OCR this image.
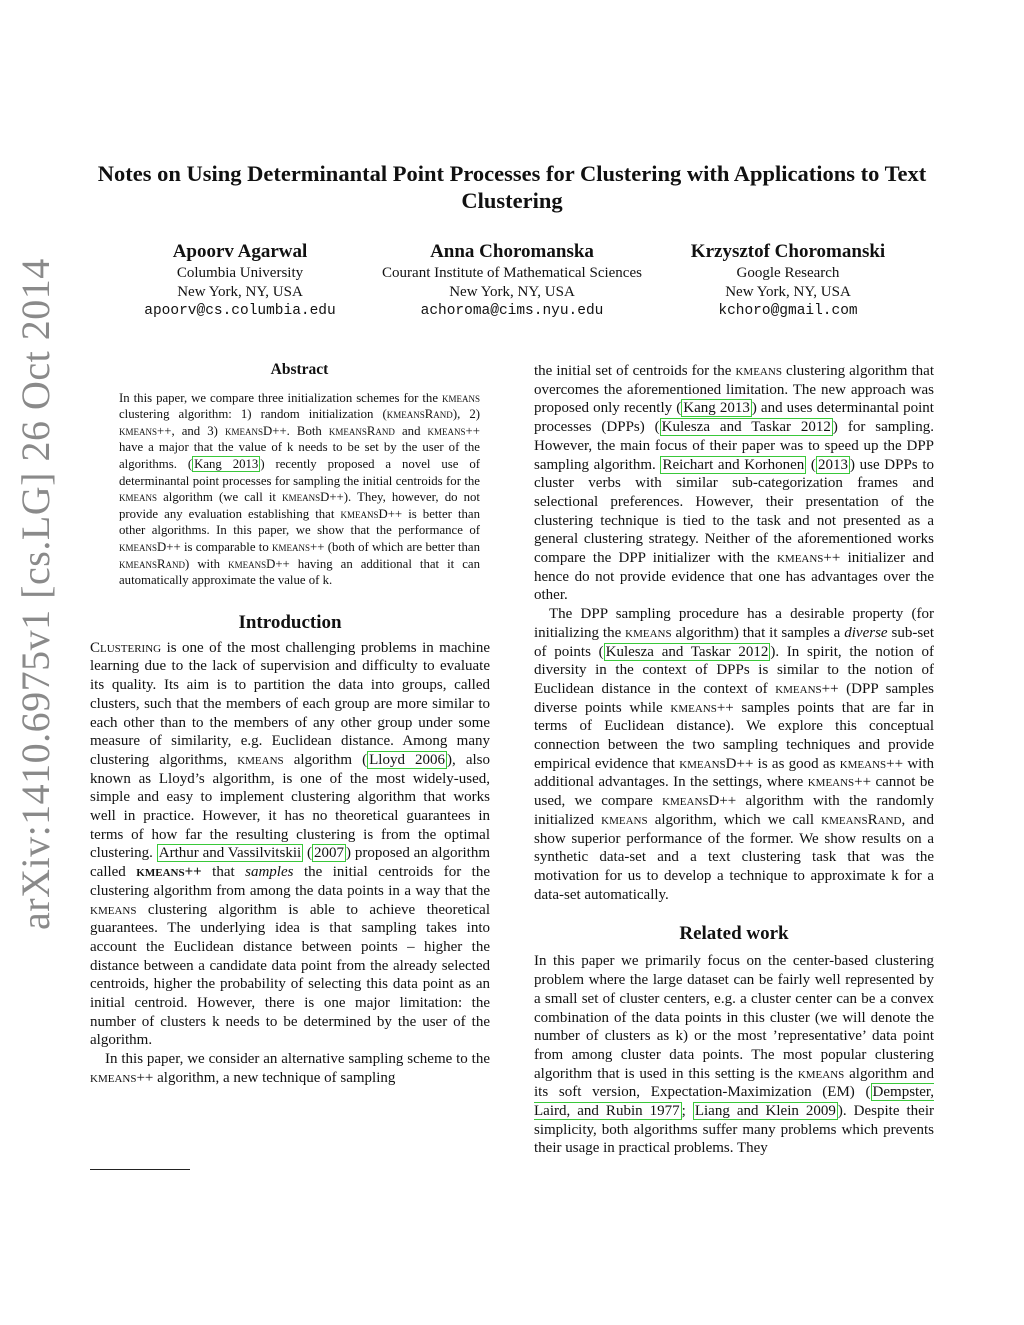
arXiv:1410.6975v1 [cs.LG] 26 Oct 2014
Notes on Using Determinantal Point Processes for Clustering with Applications to Text Clustering
Apoorv Agarwal
Columbia University
New York, NY, USA
apoorv@cs.columbia.edu
Anna Choromanska
Courant Institute of Mathematical Sciences
New York, NY, USA
achoroma@cims.nyu.edu
Krzysztof Choromanski
Google Research
New York, NY, USA
kchoro@gmail.com
Abstract

In this paper, we compare three initialization schemes for the kmeans clustering algorithm: 1) random initialization (kmeansRand), 2) kmeans++, and 3) kmeansD++. Both kmeansRand and kmeans++ have a major that the value of k needs to be set by the user of the algorithms. ( Kang 2013 ) recently proposed a novel use of determinantal point processes for sampling the initial centroids for the kmeans algorithm (we call it kmeansD++). They, however, do not provide any evaluation establishing that kmeansD++ is better than other algorithms. In this paper, we show that the performance of kmeansD++ is comparable to kmeans++ (both of which are better than kmeansRand) with kmeansD++ having an additional that it can automatically approximate the value of k.

Introduction

Clustering is one of the most challenging problems in machine learning due to the lack of supervision and difficulty to evaluate its quality. Its aim is to partition the data into groups, called clusters, such that the members of each group are more similar to each other than to the members of any other group under some measure of similarity, e.g. Euclidean distance. Among many clustering algorithms, kmeans algorithm ( Lloyd 2006 ), also known as Lloyd’s algorithm, is one of the most widely-used, simple and easy to implement clustering algorithm that works well in practice. However, it has no theoretical guarantees in terms of how far the resulting clustering is from the optimal clustering. Arthur and Vassilvitskii ( 2007 ) proposed an algorithm called kmeans++ that samples the initial centroids for the clustering algorithm from among the data points in a way that the kmeans clustering algorithm is able to achieve theoretical guarantees. The underlying idea is that sampling takes into account the Euclidean distance between points – higher the distance between a candidate data point from the already selected centroids, higher the probability of selecting this data point as an initial centroid. However, there is one major limitation: the number of clusters k needs to be determined by the user of the algorithm.

In this paper, we consider an alternative sampling scheme to the kmeans++ algorithm, a new technique of sampling

the initial set of centroids for the kmeans clustering algorithm that overcomes the aforementioned limitation. The new approach was proposed only recently ( Kang 2013 ) and uses determinantal point processes (DPPs) ( Kulesza and Taskar 2012 ) for sampling. However, the main focus of their paper was to speed up the DPP sampling algorithm. Reichart and Korhonen ( 2013 ) use DPPs to cluster verbs with similar sub-categorization frames and selectional preferences. However, their presentation of the clustering technique is tied to the task and not presented as a general clustering strategy. Neither of the aforementioned works compare the DPP initializer with the kmeans++ initializer and hence do not provide evidence that one has advantages over the other.

The DPP sampling procedure has a desirable property (for initializing the kmeans algorithm) that it samples a diverse sub-set of points ( Kulesza and Taskar 2012 ). In spirit, the notion of diversity in the context of DPPs is similar to the notion of Euclidean distance in the context of kmeans++ (DPP samples diverse points while kmeans++ samples points that are far in terms of Euclidean distance). We explore this conceptual connection between the two sampling techniques and provide empirical evidence that kmeansD++ is as good as kmeans++ with additional advantages. In the settings, where kmeans++ cannot be used, we compare kmeansD++ algorithm with the randomly initialized kmeans algorithm, which we call kmeansRand, and show superior performance of the former. We show results on a synthetic data-set and a text clustering task that was the motivation for us to develop a technique to approximate k for a data-set automatically.

Related work

In this paper we primarily focus on the center-based clustering problem where the large dataset can be fairly well represented by a small set of cluster centers, e.g. a cluster center can be a convex combination of the data points in this cluster (we will denote the number of clusters as k) or the most ’representative’ data point from among cluster data points. The most popular clustering algorithm that is used in this setting is the kmeans algorithm and its soft version, Expectation-Maximization (EM) ( Dempster, Laird, and Rubin 1977 ; Liang and Klein 2009 ). Despite their simplicity, both algorithms suffer many problems which prevents their usage in practical problems. They
